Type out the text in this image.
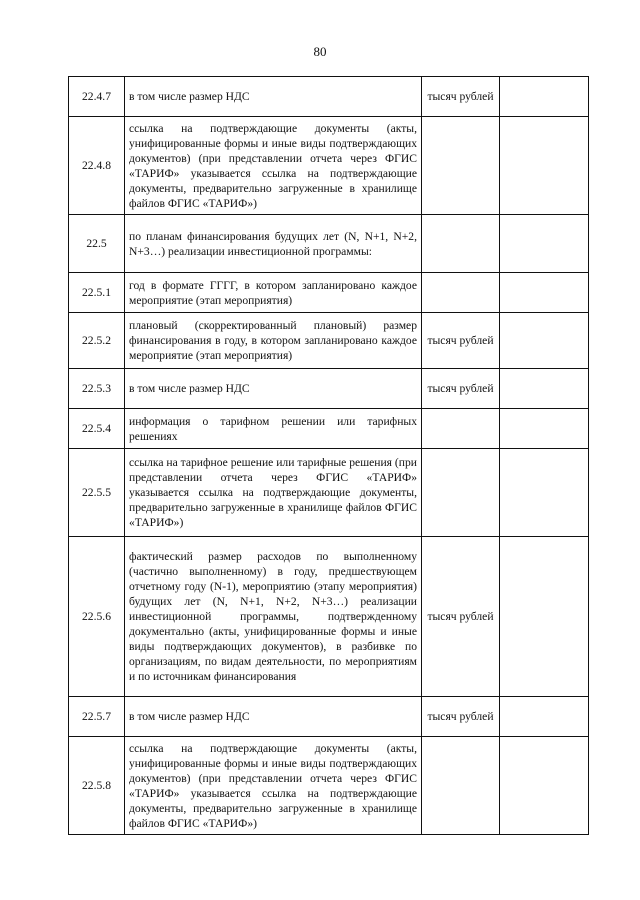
80
22.4.7	в том числе размер НДС	тысяч рублей	
22.4.8	ссылка на подтверждающие документы (акты, унифицированные формы и иные виды подтверждающих документов) (при представлении отчета через ФГИС «ТАРИФ» указывается ссылка на подтверждающие документы, предварительно загруженные в хранилище файлов ФГИС «ТАРИФ»)		
22.5	по планам финансирования будущих лет (N, N+1, N+2, N+3…) реализации инвестиционной программы:		
22.5.1	год в формате ГГГГ, в котором запланировано каждое мероприятие (этап мероприятия)		
22.5.2	плановый (скорректированный плановый) размер финансирования в году, в котором запланировано каждое мероприятие (этап мероприятия)	тысяч рублей	
22.5.3	в том числе размер НДС	тысяч рублей	
22.5.4	информация о тарифном решении или тарифных решениях		
22.5.5	ссылка на тарифное решение или тарифные решения (при представлении отчета через ФГИС «ТАРИФ» указывается ссылка на подтверждающие документы, предварительно загруженные в хранилище файлов ФГИС «ТАРИФ»)		
22.5.6	фактический размер расходов по выполненному (частично выполненному) в году, предшествующем отчетному году (N-1), мероприятию (этапу мероприятия) будущих лет (N, N+1, N+2, N+3…) реализации инвестиционной программы, подтвержденному документально (акты, унифицированные формы и иные виды подтверждающих документов), в разбивке по организациям, по видам деятельности, по мероприятиям и по источникам финансирования	тысяч рублей	
22.5.7	в том числе размер НДС	тысяч рублей	
22.5.8	ссылка на подтверждающие документы (акты, унифицированные формы и иные виды подтверждающих документов) (при представлении отчета через ФГИС «ТАРИФ» указывается ссылка на подтверждающие документы, предварительно загруженные в хранилище файлов ФГИС «ТАРИФ»)		
